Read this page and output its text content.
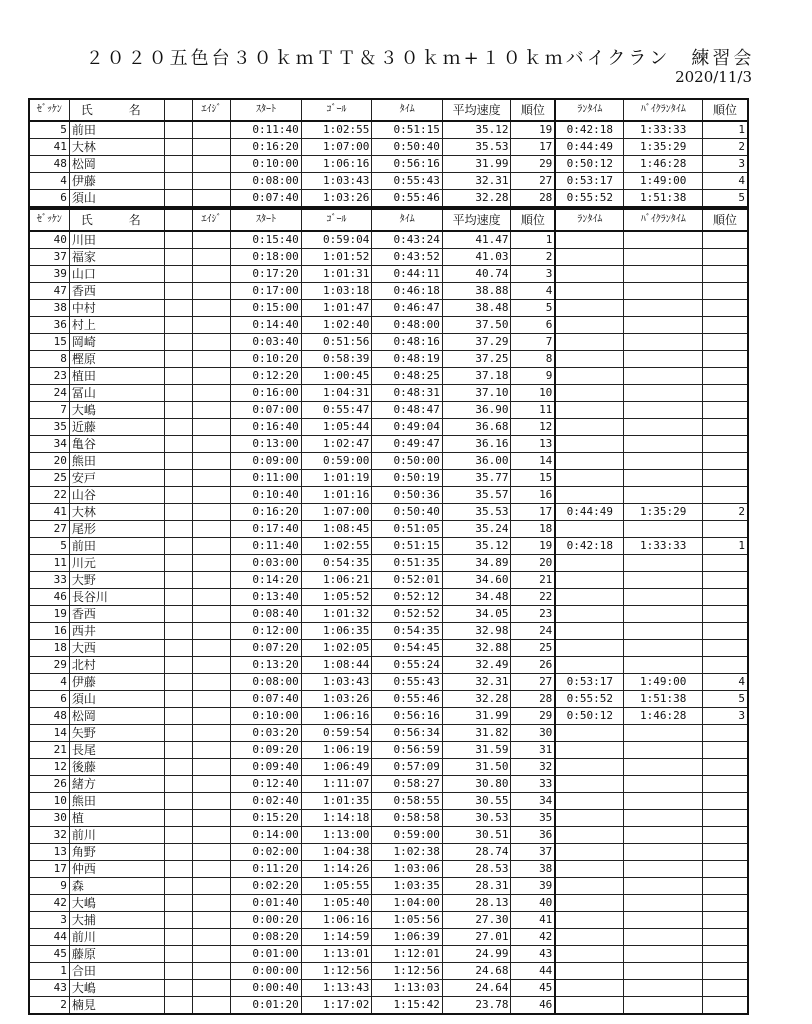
２０２０五色台３０ｋｍＴＴ＆３０ｋｍ+１０ｋｍバイクラン　練習会
2020/11/3
ｾﾞｯｹﾝ	氏　名		ｴｲｼﾞ	ｽﾀｰﾄ	ｺﾞｰﾙ	ﾀｲﾑ	平均速度	順位	ﾗﾝﾀｲﾑ	ﾊﾞｲｸﾗﾝﾀｲﾑ	順位
5	前田			0:11:40	1:02:55	0:51:15	35.12	19	0:42:18	1:33:33	1
41	大林			0:16:20	1:07:00	0:50:40	35.53	17	0:44:49	1:35:29	2
48	松岡			0:10:00	1:06:16	0:56:16	31.99	29	0:50:12	1:46:28	3
4	伊藤			0:08:00	1:03:43	0:55:43	32.31	27	0:53:17	1:49:00	4
6	須山			0:07:40	1:03:26	0:55:46	32.28	28	0:55:52	1:51:38	5
ｾﾞｯｹﾝ	氏　名		ｴｲｼﾞ	ｽﾀｰﾄ	ｺﾞｰﾙ	ﾀｲﾑ	平均速度	順位	ﾗﾝﾀｲﾑ	ﾊﾞｲｸﾗﾝﾀｲﾑ	順位
40	川田			0:15:40	0:59:04	0:43:24	41.47	1			
37	福家			0:18:00	1:01:52	0:43:52	41.03	2			
39	山口			0:17:20	1:01:31	0:44:11	40.74	3			
47	香西			0:17:00	1:03:18	0:46:18	38.88	4			
38	中村			0:15:00	1:01:47	0:46:47	38.48	5			
36	村上			0:14:40	1:02:40	0:48:00	37.50	6			
15	岡崎			0:03:40	0:51:56	0:48:16	37.29	7			
8	樫原			0:10:20	0:58:39	0:48:19	37.25	8			
23	植田			0:12:20	1:00:45	0:48:25	37.18	9			
24	冨山			0:16:00	1:04:31	0:48:31	37.10	10			
7	大嶋			0:07:00	0:55:47	0:48:47	36.90	11			
35	近藤			0:16:40	1:05:44	0:49:04	36.68	12			
34	亀谷			0:13:00	1:02:47	0:49:47	36.16	13			
20	熊田			0:09:00	0:59:00	0:50:00	36.00	14			
25	安戸			0:11:00	1:01:19	0:50:19	35.77	15			
22	山谷			0:10:40	1:01:16	0:50:36	35.57	16			
41	大林			0:16:20	1:07:00	0:50:40	35.53	17	0:44:49	1:35:29	2
27	尾形			0:17:40	1:08:45	0:51:05	35.24	18			
5	前田			0:11:40	1:02:55	0:51:15	35.12	19	0:42:18	1:33:33	1
11	川元			0:03:00	0:54:35	0:51:35	34.89	20			
33	大野			0:14:20	1:06:21	0:52:01	34.60	21			
46	長谷川			0:13:40	1:05:52	0:52:12	34.48	22			
19	香西			0:08:40	1:01:32	0:52:52	34.05	23			
16	西井			0:12:00	1:06:35	0:54:35	32.98	24			
18	大西			0:07:20	1:02:05	0:54:45	32.88	25			
29	北村			0:13:20	1:08:44	0:55:24	32.49	26			
4	伊藤			0:08:00	1:03:43	0:55:43	32.31	27	0:53:17	1:49:00	4
6	須山			0:07:40	1:03:26	0:55:46	32.28	28	0:55:52	1:51:38	5
48	松岡			0:10:00	1:06:16	0:56:16	31.99	29	0:50:12	1:46:28	3
14	矢野			0:03:20	0:59:54	0:56:34	31.82	30			
21	長尾			0:09:20	1:06:19	0:56:59	31.59	31			
12	後藤			0:09:40	1:06:49	0:57:09	31.50	32			
26	緒方			0:12:40	1:11:07	0:58:27	30.80	33			
10	熊田			0:02:40	1:01:35	0:58:55	30.55	34			
30	植			0:15:20	1:14:18	0:58:58	30.53	35			
32	前川			0:14:00	1:13:00	0:59:00	30.51	36			
13	角野			0:02:00	1:04:38	1:02:38	28.74	37			
17	仲西			0:11:20	1:14:26	1:03:06	28.53	38			
9	森			0:02:20	1:05:55	1:03:35	28.31	39			
42	大嶋			0:01:40	1:05:40	1:04:00	28.13	40			
3	大捕			0:00:20	1:06:16	1:05:56	27.30	41			
44	前川			0:08:20	1:14:59	1:06:39	27.01	42			
45	藤原			0:01:00	1:13:01	1:12:01	24.99	43			
1	合田			0:00:00	1:12:56	1:12:56	24.68	44			
43	大嶋			0:00:40	1:13:43	1:13:03	24.64	45			
2	楠見			0:01:20	1:17:02	1:15:42	23.78	46			
